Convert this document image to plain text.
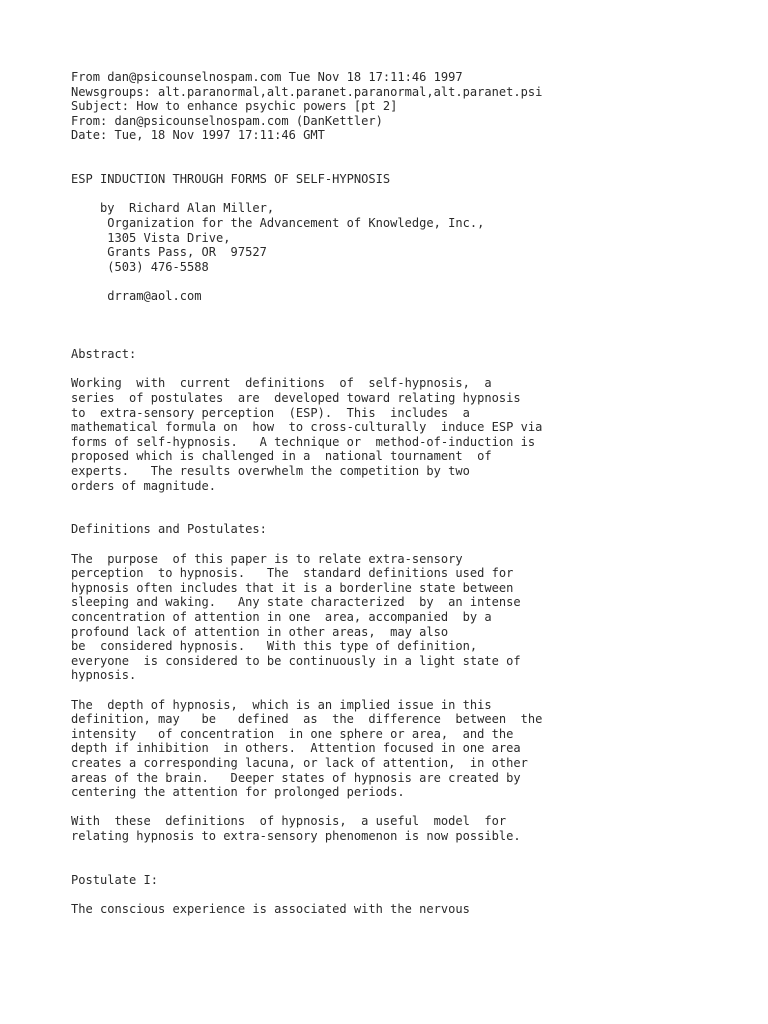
From dan@psicounselnospam.com Tue Nov 18 17:11:46 1997
Newsgroups: alt.paranormal,alt.paranet.paranormal,alt.paranet.psi
Subject: How to enhance psychic powers [pt 2]
From: dan@psicounselnospam.com (DanKettler)
Date: Tue, 18 Nov 1997 17:11:46 GMT
ESP INDUCTION THROUGH FORMS OF SELF-HYPNOSIS
by  Richard Alan Miller,
Organization for the Advancement of Knowledge, Inc.,
1305 Vista Drive,
Grants Pass, OR  97527
(503) 476-5588
drram@aol.com
Abstract:
Working  with  current  definitions  of  self-hypnosis,  a
series  of postulates  are  developed toward relating hypnosis
to  extra-sensory perception  (ESP).  This  includes  a
mathematical formula on  how  to cross-culturally  induce ESP via
forms of self-hypnosis.   A technique or  method-of-induction is
proposed which is challenged in a  national tournament  of
experts.   The results overwhelm the competition by two
orders of magnitude.
Definitions and Postulates:
The  purpose  of this paper is to relate extra-sensory
perception  to hypnosis.   The  standard definitions used for
hypnosis often includes that it is a borderline state between
sleeping and waking.   Any state characterized  by  an intense
concentration of attention in one  area, accompanied  by a
profound lack of attention in other areas,  may also
be  considered hypnosis.   With this type of definition,
everyone  is considered to be continuously in a light state of
hypnosis.
The  depth of hypnosis,  which is an implied issue in this
definition, may   be   defined  as  the  difference  between  the
intensity   of concentration  in one sphere or area,  and the
depth if inhibition  in others.  Attention focused in one area
creates a corresponding lacuna, or lack of attention,  in other
areas of the brain.   Deeper states of hypnosis are created by
centering the attention for prolonged periods.
With  these  definitions  of hypnosis,  a useful  model  for
relating hypnosis to extra-sensory phenomenon is now possible.
Postulate I:
The conscious experience is associated with the nervous
